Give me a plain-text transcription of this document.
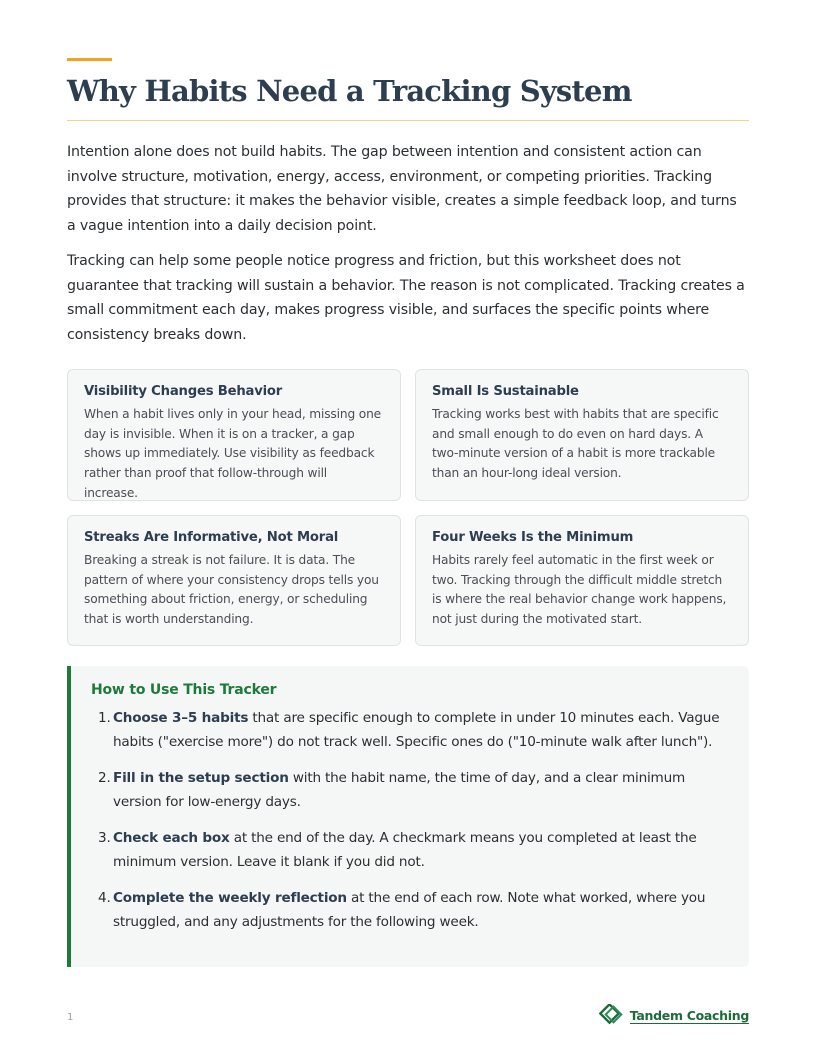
Why Habits Need a Tracking System

Intention alone does not build habits. The gap between intention and consistent action can involve structure, motivation, energy, access, environment, or competing priorities. Tracking provides that structure: it makes the behavior visible, creates a simple feedback loop, and turns a vague intention into a daily decision point.

Tracking can help some people notice progress and friction, but this worksheet does not guarantee that tracking will sustain a behavior. The reason is not complicated. Tracking creates a small commitment each day, makes progress visible, and surfaces the specific points where consistency breaks down.

Visibility Changes Behavior
When a habit lives only in your head, missing one day is invisible. When it is on a tracker, a gap shows up immediately. Use visibility as feedback rather than proof that follow-through will increase.
Small Is Sustainable
Tracking works best with habits that are specific and small enough to do even on hard days. A two-minute version of a habit is more trackable than an hour-long ideal version.
Streaks Are Informative, Not Moral
Breaking a streak is not failure. It is data. The pattern of where your consistency drops tells you something about friction, energy, or scheduling that is worth understanding.
Four Weeks Is the Minimum
Habits rarely feel automatic in the first week or two. Tracking through the difficult middle stretch is where the real behavior change work happens, not just during the motivated start.
How to Use This Tracker
1. Choose 3–5 habits that are specific enough to complete in under 10 minutes each. Vague habits ("exercise more") do not track well. Specific ones do ("10-minute walk after lunch").
2. Fill in the setup section with the habit name, the time of day, and a clear minimum version for low-energy days.
3. Check each box at the end of the day. A checkmark means you completed at least the minimum version. Leave it blank if you did not.
4. Complete the weekly reflection at the end of each row. Note what worked, where you struggled, and any adjustments for the following week.
1	Tandem Coaching
